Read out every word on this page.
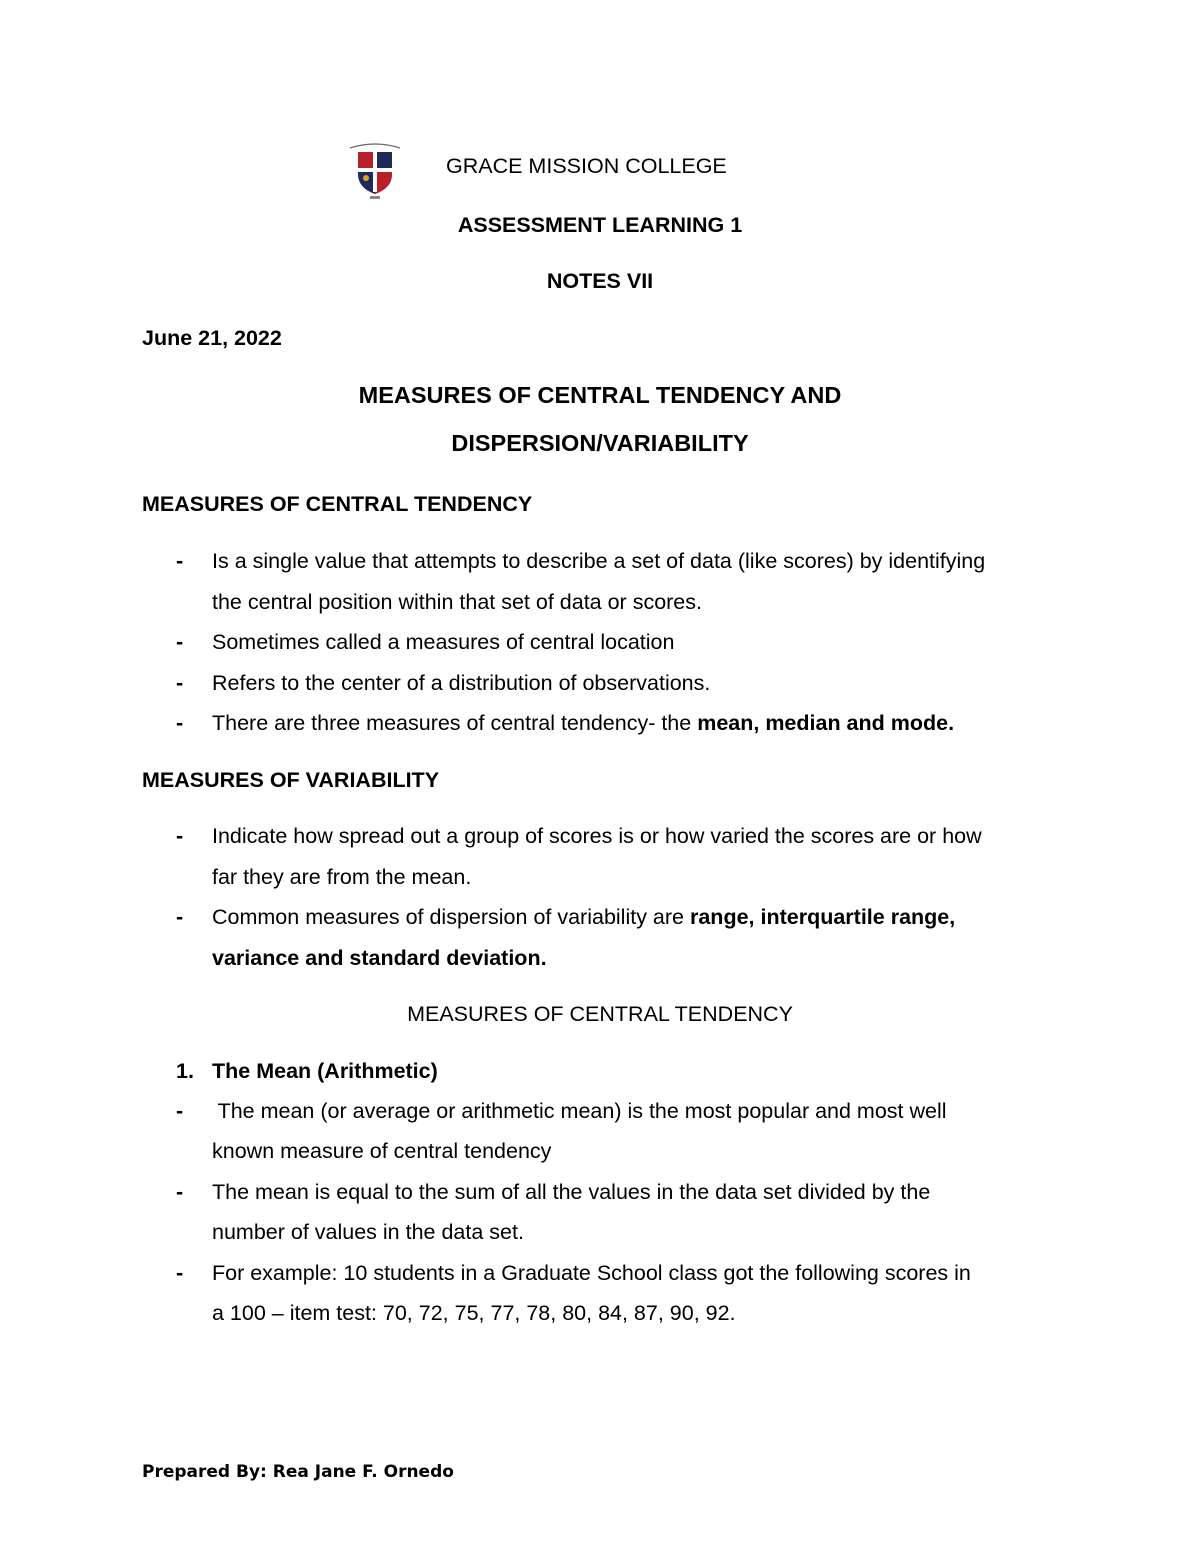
GRACE MISSION COLLEGE
ASSESSMENT LEARNING 1
NOTES VII
June 21, 2022
MEASURES OF CENTRAL TENDENCY AND
DISPERSION/VARIABILITY
MEASURES OF CENTRAL TENDENCY
- Is a single value that attempts to describe a set of data (like scores) by identifying
the central position within that set of data or scores.
- Sometimes called a measures of central location
- Refers to the center of a distribution of observations.
- There are three measures of central tendency- the mean, median and mode.
MEASURES OF VARIABILITY
- Indicate how spread out a group of scores is or how varied the scores are or how
far they are from the mean.
- Common measures of dispersion of variability are range, interquartile range,
variance and standard deviation.
MEASURES OF CENTRAL TENDENCY
1. The Mean (Arithmetic)
- The mean (or average or arithmetic mean) is the most popular and most well
known measure of central tendency
- The mean is equal to the sum of all the values in the data set divided by the
number of values in the data set.
- For example: 10 students in a Graduate School class got the following scores in
a 100 – item test: 70, 72, 75, 77, 78, 80, 84, 87, 90, 92.
Prepared By: Rea Jane F. Ornedo
